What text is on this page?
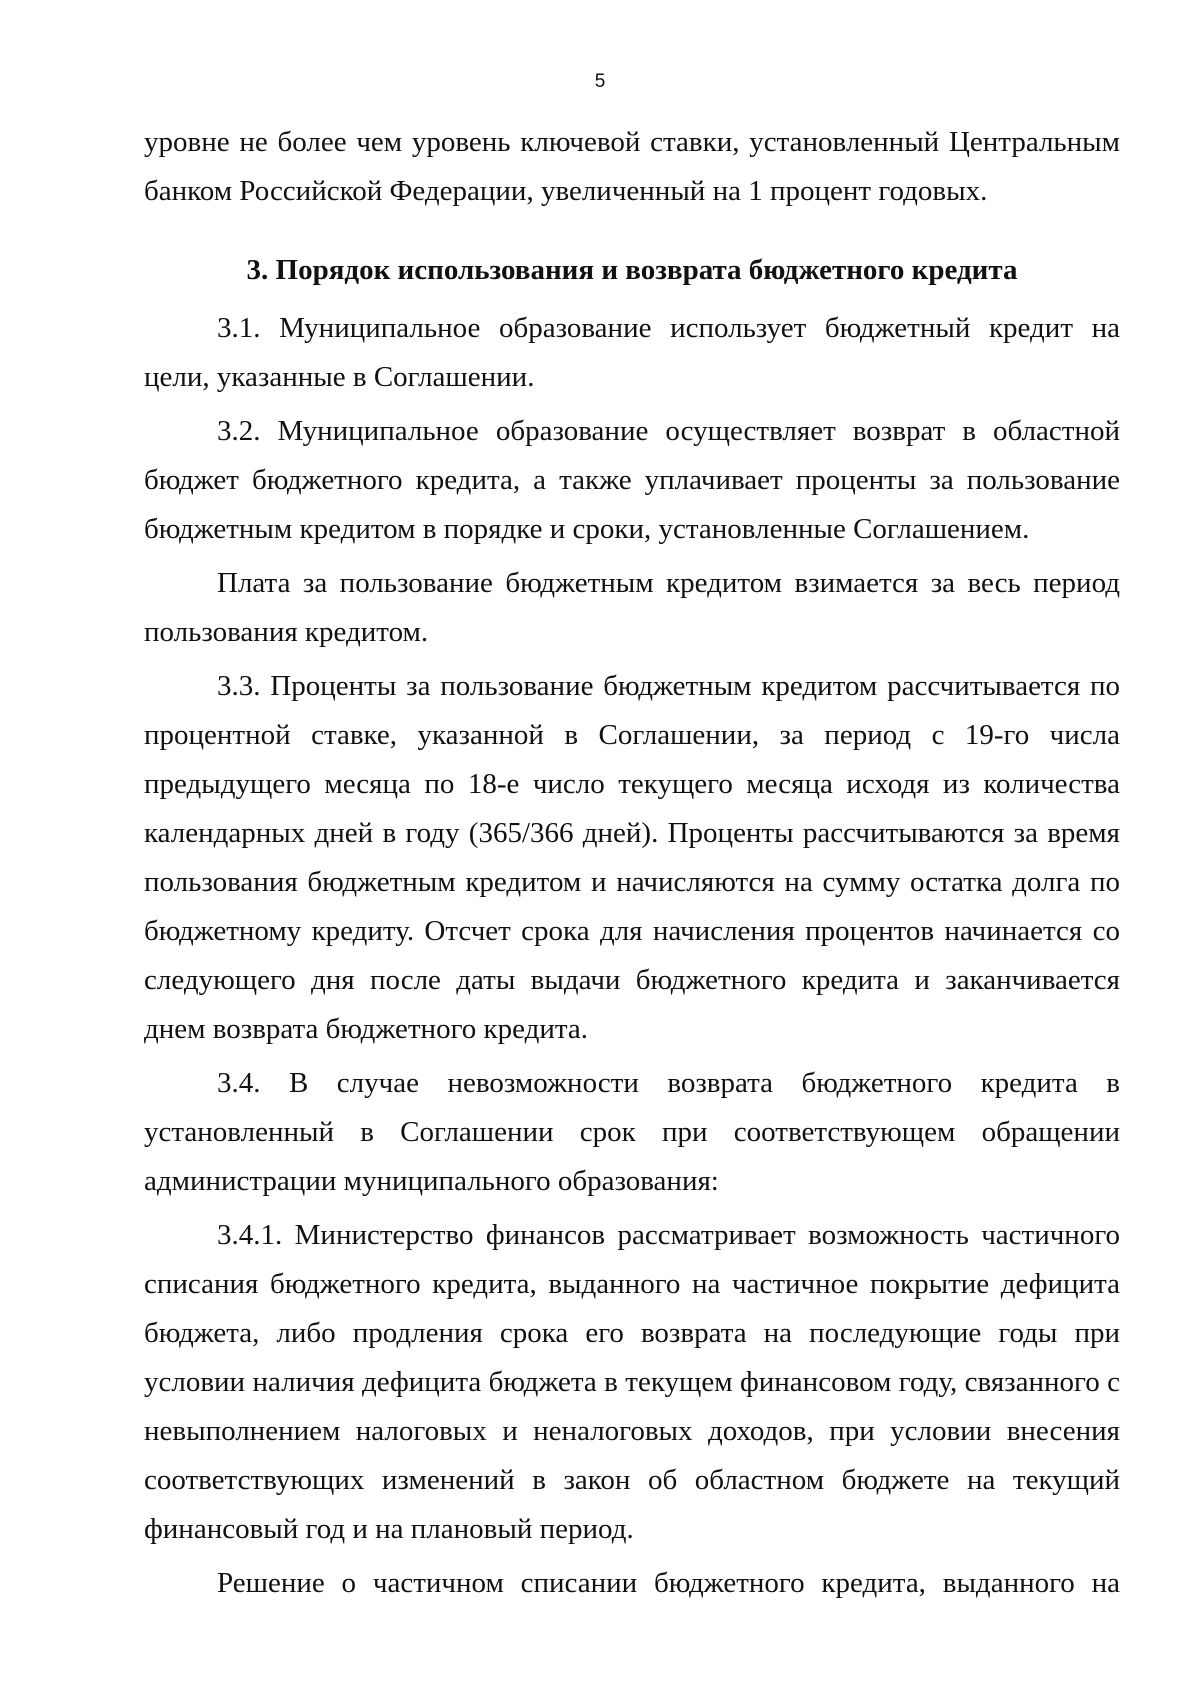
5

уровне не более чем уровень ключевой ставки, установленный Центральным банком Российской Федерации, увеличенный на 1 процент годовых.

3. Порядок использования и возврата бюджетного кредита

3.1. Муниципальное образование использует бюджетный кредит на цели, указанные в Соглашении.

3.2. Муниципальное образование осуществляет возврат в областной бюджет бюджетного кредита, а также уплачивает проценты за пользование бюджетным кредитом в порядке и сроки, установленные Соглашением.

Плата за пользование бюджетным кредитом взимается за весь период пользования кредитом.

3.3. Проценты за пользование бюджетным кредитом рассчитывается по процентной ставке, указанной в Соглашении, за период с 19-го числа предыдущего месяца по 18-е число текущего месяца исходя из количества календарных дней в году (365/366 дней). Проценты рассчитываются за время пользования бюджетным кредитом и начисляются на сумму остатка долга по бюджетному кредиту. Отсчет срока для начисления процентов начинается со следующего дня после даты выдачи бюджетного кредита и заканчивается днем возврата бюджетного кредита.

3.4. В случае невозможности возврата бюджетного кредита в установленный в Соглашении срок при соответствующем обращении администрации муниципального образования:

3.4.1. Министерство финансов рассматривает возможность частичного списания бюджетного кредита, выданного на частичное покрытие дефицита бюджета, либо продления срока его возврата на последующие годы при условии наличия дефицита бюджета в текущем финансовом году, связанного с невыполнением налоговых и неналоговых доходов, при условии внесения соответствующих изменений в закон об областном бюджете на текущий финансовый год и на плановый период.

Решение о частичном списании бюджетного кредита, выданного на
